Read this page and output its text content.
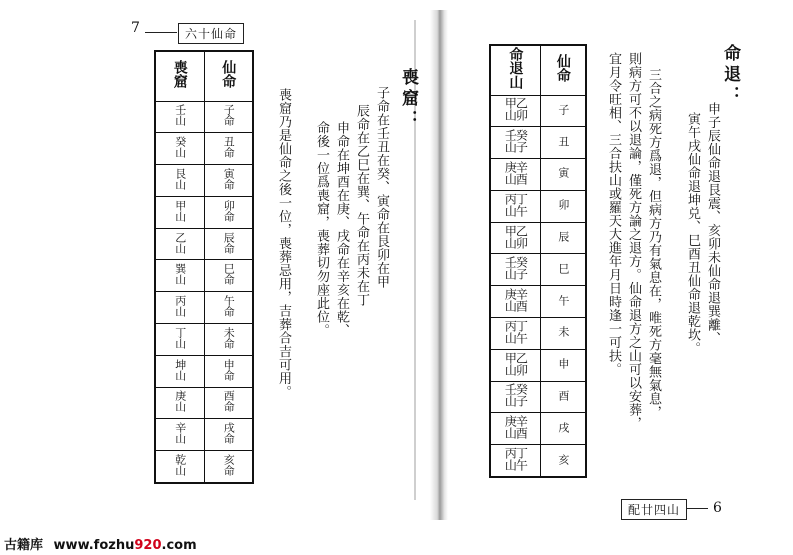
7	六十仙命
喪窟	仙命
壬山	子命
癸山	丑命
艮山	寅命
甲山	卯命
乙山	辰命
巽山	巳命
丙山	午命
丁山	未命
坤山	申命
庚山	酉命
辛山	戌命
乾山	亥命
喪窟：
子命在壬丑在癸、寅命在艮卯在甲
辰命在乙巳在巽、午命在丙未在丁
申命在坤酉在庚、戌命在辛亥在乾、
命後一位爲喪窟，喪葬切勿座此位。
喪窟乃是仙命之後一位，喪葬忌用，吉葬合吉可用。
命退山	仙命
乙卯甲山	子
癸子壬山	丑
辛酉庚山	寅
丁午丙山	卯
乙卯甲山	辰
癸子壬山	巳
辛酉庚山	午
丁午丙山	未
乙卯甲山	申
癸子壬山	酉
辛酉庚山	戌
丁午丙山	亥
命退：
申子辰仙命退艮震、亥卯未仙命退巽離、
寅午戌仙命退坤兑、巳酉丑仙命退乾坎。
三合之病死方爲退，但病方乃有氣息在，唯死方毫無氣息，
則病方可不以退論，僅死方論之退方。仙命退方之山可以安葬，
宜月令旺相、三合扶山或羅天大進年月日時逢一可扶。
配廿四山	6
古籍库 www.fozhu920.com
